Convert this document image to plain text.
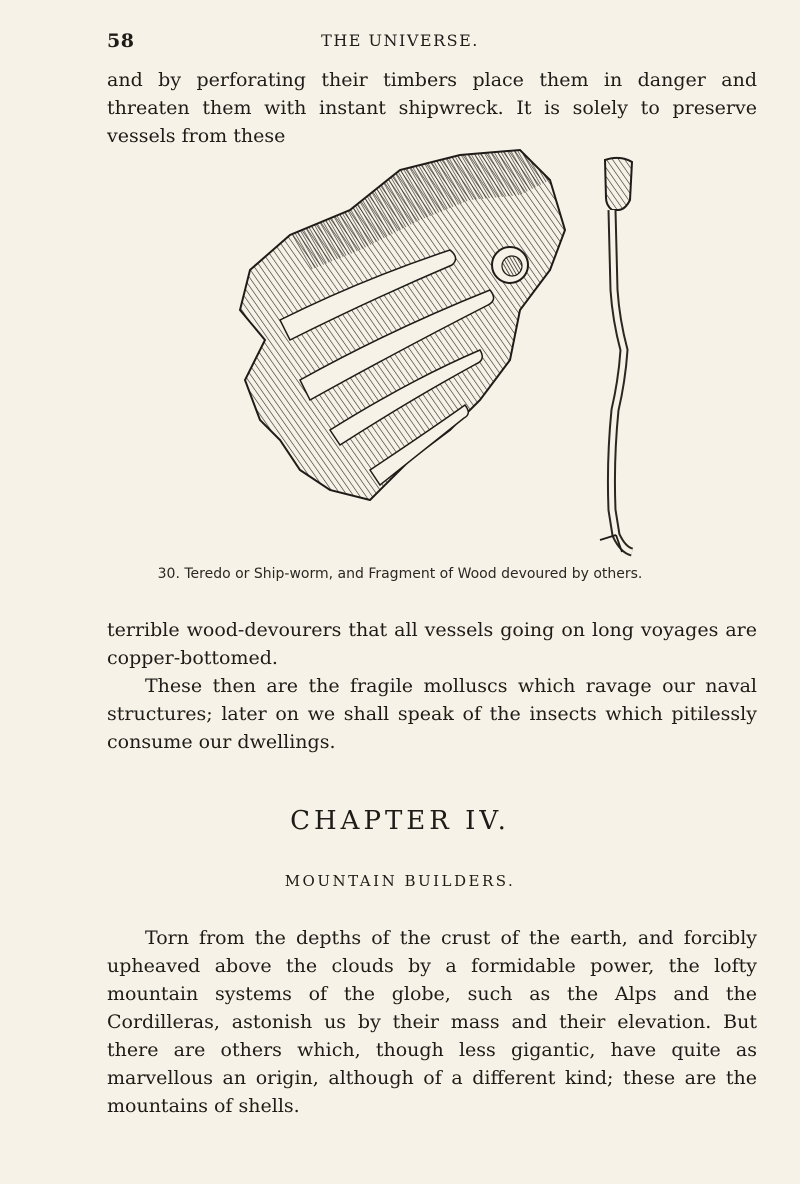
58	THE UNIVERSE.

and by perforating their timbers place them in danger and threaten them with instant shipwreck. It is solely to preserve vessels from these

30. Teredo or Ship-worm, and Fragment of Wood devoured by others.

terrible wood-devourers that all vessels going on long voyages are copper-bottomed.

These then are the fragile molluscs which ravage our naval structures; later on we shall speak of the insects which pitilessly consume our dwellings.

CHAPTER IV.
MOUNTAIN BUILDERS.

Torn from the depths of the crust of the earth, and forcibly upheaved above the clouds by a formidable power, the lofty mountain systems of the globe, such as the Alps and the Cordilleras, astonish us by their mass and their elevation. But there are others which, though less gigantic, have quite as marvellous an origin, although of a different kind; these are the mountains of shells.
